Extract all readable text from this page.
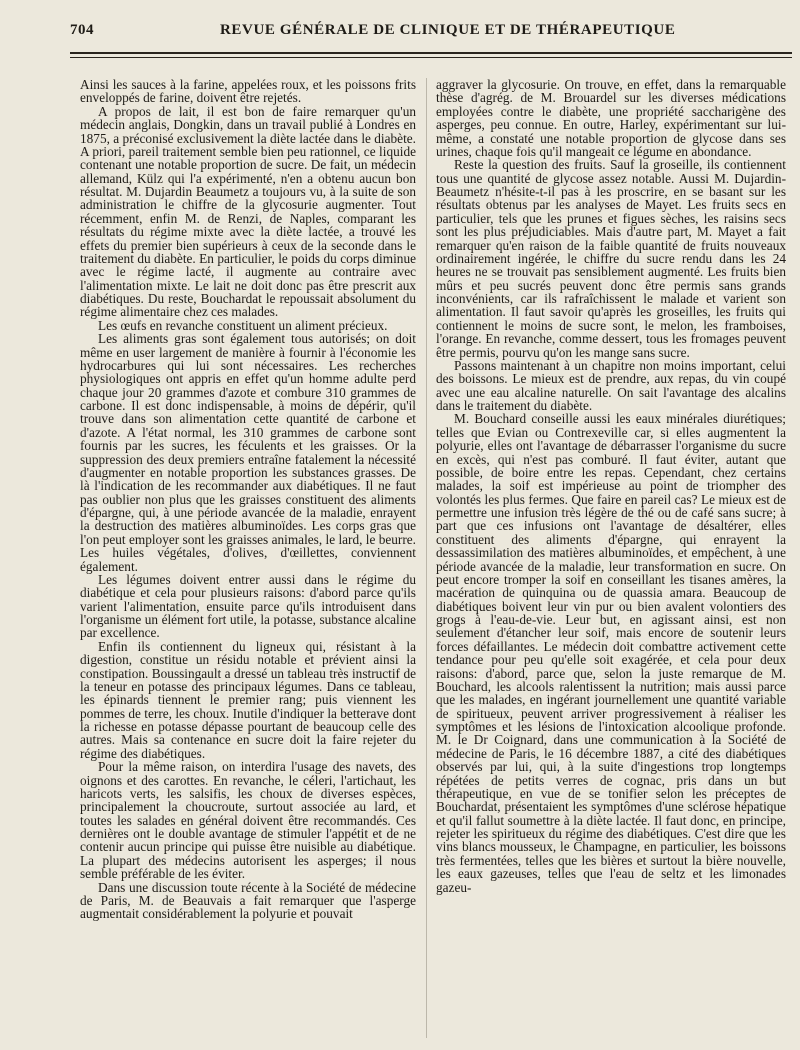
704	REVUE GÉNÉRALE DE CLINIQUE ET DE THÉRAPEUTIQUE

Ainsi les sauces à la farine, appelées roux, et les poissons frits enveloppés de farine, doivent être rejetés.

A propos de lait, il est bon de faire remarquer qu'un médecin anglais, Dongkin, dans un travail publié à Londres en 1875, a préconisé exclusivement la diète lactée dans le diabète. A priori, pareil traitement semble bien peu rationnel, ce liquide contenant une notable proportion de sucre. De fait, un médecin allemand, Külz qui l'a expérimenté, n'en a obtenu aucun bon résultat. M. Dujardin Beaumetz a toujours vu, à la suite de son administration le chiffre de la glycosurie augmenter. Tout récemment, enfin M. de Renzi, de Naples, comparant les résultats du régime mixte avec la diète lactée, a trouvé les effets du premier bien supérieurs à ceux de la seconde dans le traitement du diabète. En particulier, le poids du corps diminue avec le régime lacté, il augmente au contraire avec l'alimentation mixte. Le lait ne doit donc pas être prescrit aux diabétiques. Du reste, Bouchardat le repoussait absolument du régime alimentaire chez ces malades.

Les œufs en revanche constituent un aliment précieux.

Les aliments gras sont également tous autorisés; on doit même en user largement de manière à fournir à l'économie les hydrocarbures qui lui sont nécessaires. Les recherches physiologiques ont appris en effet qu'un homme adulte perd chaque jour 20 grammes d'azote et combure 310 grammes de carbone. Il est donc indispensable, à moins de dépérir, qu'il trouve dans son alimentation cette quantité de carbone et d'azote. A l'état normal, les 310 grammes de carbone sont fournis par les sucres, les féculents et les graisses. Or la suppression des deux premiers entraîne fatalement la nécessité d'augmenter en notable proportion les substances grasses. De là l'indication de les recommander aux diabétiques. Il ne faut pas oublier non plus que les graisses constituent des aliments d'épargne, qui, à une période avancée de la maladie, enrayent la destruction des matières albuminoïdes. Les corps gras que l'on peut employer sont les graisses animales, le lard, le beurre. Les huiles végétales, d'olives, d'œillettes, conviennent également.

Les légumes doivent entrer aussi dans le régime du diabétique et cela pour plusieurs raisons: d'abord parce qu'ils varient l'alimentation, ensuite parce qu'ils introduisent dans l'organisme un élément fort utile, la potasse, substance alcaline par excellence.

Enfin ils contiennent du ligneux qui, résistant à la digestion, constitue un résidu notable et prévient ainsi la constipation. Boussingault a dressé un tableau très instructif de la teneur en potasse des principaux légumes. Dans ce tableau, les épinards tiennent le premier rang; puis viennent les pommes de terre, les choux. Inutile d'indiquer la betterave dont la richesse en potasse dépasse pourtant de beaucoup celle des autres. Mais sa contenance en sucre doit la faire rejeter du régime des diabétiques.

Pour la même raison, on interdira l'usage des navets, des oignons et des carottes. En revanche, le céleri, l'artichaut, les haricots verts, les salsifis, les choux de diverses espèces, principalement la choucroute, surtout associée au lard, et toutes les salades en général doivent être recommandés. Ces dernières ont le double avantage de stimuler l'appétit et de ne contenir aucun principe qui puisse être nuisible au diabétique. La plupart des médecins autorisent les asperges; il nous semble préférable de les éviter.

Dans une discussion toute récente à la Société de médecine de Paris, M. de Beauvais a fait remarquer que l'asperge augmentait considérablement la polyurie et pouvait

aggraver la glycosurie. On trouve, en effet, dans la remarquable thèse d'agrég. de M. Brouardel sur les diverses médications employées contre le diabète, une propriété saccharigène des asperges, peu connue. En outre, Harley, expérimentant sur lui-même, a constaté une notable proportion de glycose dans ses urines, chaque fois qu'il mangeait ce légume en abondance.

Reste la question des fruits. Sauf la groseille, ils contiennent tous une quantité de glycose assez notable. Aussi M. Dujardin-Beaumetz n'hésite-t-il pas à les proscrire, en se basant sur les résultats obtenus par les analyses de Mayet. Les fruits secs en particulier, tels que les prunes et figues sèches, les raisins secs sont les plus préjudiciables. Mais d'autre part, M. Mayet a fait remarquer qu'en raison de la faible quantité de fruits nouveaux ordinairement ingérée, le chiffre du sucre rendu dans les 24 heures ne se trouvait pas sensiblement augmenté. Les fruits bien mûrs et peu sucrés peuvent donc être permis sans grands inconvénients, car ils rafraîchissent le malade et varient son alimentation. Il faut savoir qu'après les groseilles, les fruits qui contiennent le moins de sucre sont, le melon, les framboises, l'orange. En revanche, comme dessert, tous les fromages peuvent être permis, pourvu qu'on les mange sans sucre.

Passons maintenant à un chapitre non moins important, celui des boissons. Le mieux est de prendre, aux repas, du vin coupé avec une eau alcaline naturelle. On sait l'avantage des alcalins dans le traitement du diabète.

M. Bouchard conseille aussi les eaux minérales diurétiques; telles que Evian ou Contrexeville car, si elles augmentent la polyurie, elles ont l'avantage de débarrasser l'organisme du sucre en excès, qui n'est pas comburé. Il faut éviter, autant que possible, de boire entre les repas. Cependant, chez certains malades, la soif est impérieuse au point de triompher des volontés les plus fermes. Que faire en pareil cas? Le mieux est de permettre une infusion très légère de thé ou de café sans sucre; à part que ces infusions ont l'avantage de désaltérer, elles constituent des aliments d'épargne, qui enrayent la dessassimilation des matières albuminoïdes, et empêchent, à une période avancée de la maladie, leur transformation en sucre. On peut encore tromper la soif en conseillant les tisanes amères, la macération de quinquina ou de quassia amara. Beaucoup de diabétiques boivent leur vin pur ou bien avalent volontiers des grogs à l'eau-de-vie. Leur but, en agissant ainsi, est non seulement d'étancher leur soif, mais encore de soutenir leurs forces défaillantes. Le médecin doit combattre activement cette tendance pour peu qu'elle soit exagérée, et cela pour deux raisons: d'abord, parce que, selon la juste remarque de M. Bouchard, les alcools ralentissent la nutrition; mais aussi parce que les malades, en ingérant journellement une quantité variable de spiritueux, peuvent arriver progressivement à réaliser les symptômes et les lésions de l'intoxication alcoolique profonde. M. le Dr Coignard, dans une communication à la Société de médecine de Paris, le 16 décembre 1887, a cité des diabétiques observés par lui, qui, à la suite d'ingestions trop longtemps répétées de petits verres de cognac, pris dans un but thérapeutique, en vue de se tonifier selon les préceptes de Bouchardat, présentaient les symptômes d'une sclérose hépatique et qu'il fallut soumettre à la diète lactée. Il faut donc, en principe, rejeter les spiritueux du régime des diabétiques. C'est dire que les vins blancs mousseux, le Champagne, en particulier, les boissons très fermentées, telles que les bières et surtout la bière nouvelle, les eaux gazeuses, telles que l'eau de seltz et les limonades gazeu-
